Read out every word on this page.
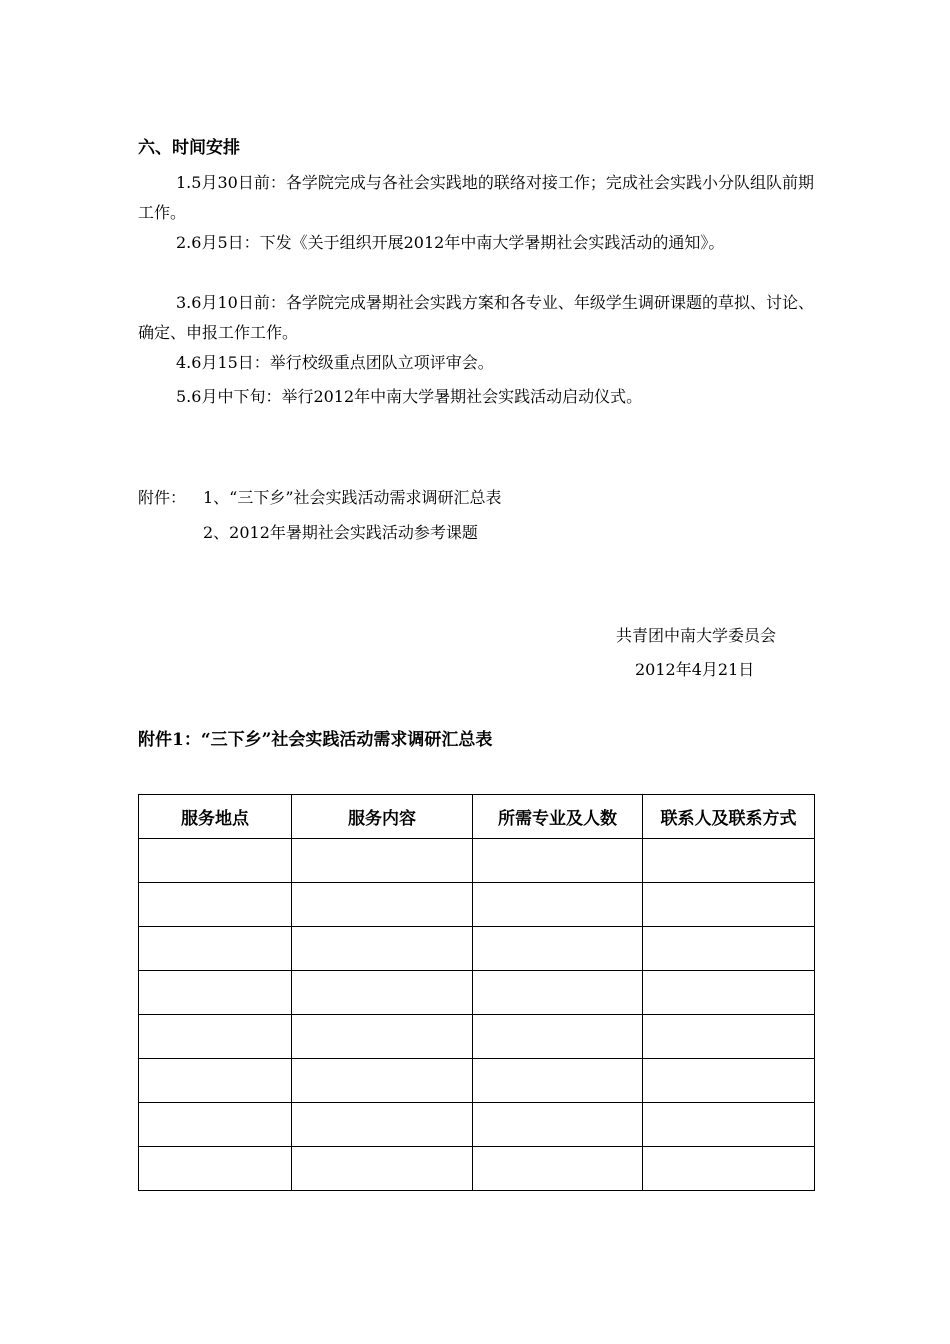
六、时间安排
1.5月30日前：各学院完成与各社会实践地的联络对接工作；完成社会实践小分队组队前期工作。
2.6月5日：下发《关于组织开展2012年中南大学暑期社会实践活动的通知》。
3.6月10日前：各学院完成暑期社会实践方案和各专业、年级学生调研课题的草拟、讨论、确定、申报工作工作。
4.6月15日：举行校级重点团队立项评审会。
5.6月中下旬：举行2012年中南大学暑期社会实践活动启动仪式。
附件： 1、“三下乡”社会实践活动需求调研汇总表
2、2012年暑期社会实践活动参考课题
共青团中南大学委员会
2012年4月21日
附件1：“三下乡”社会实践活动需求调研汇总表
服务地点	服务内容	所需专业及人数	联系人及联系方式
